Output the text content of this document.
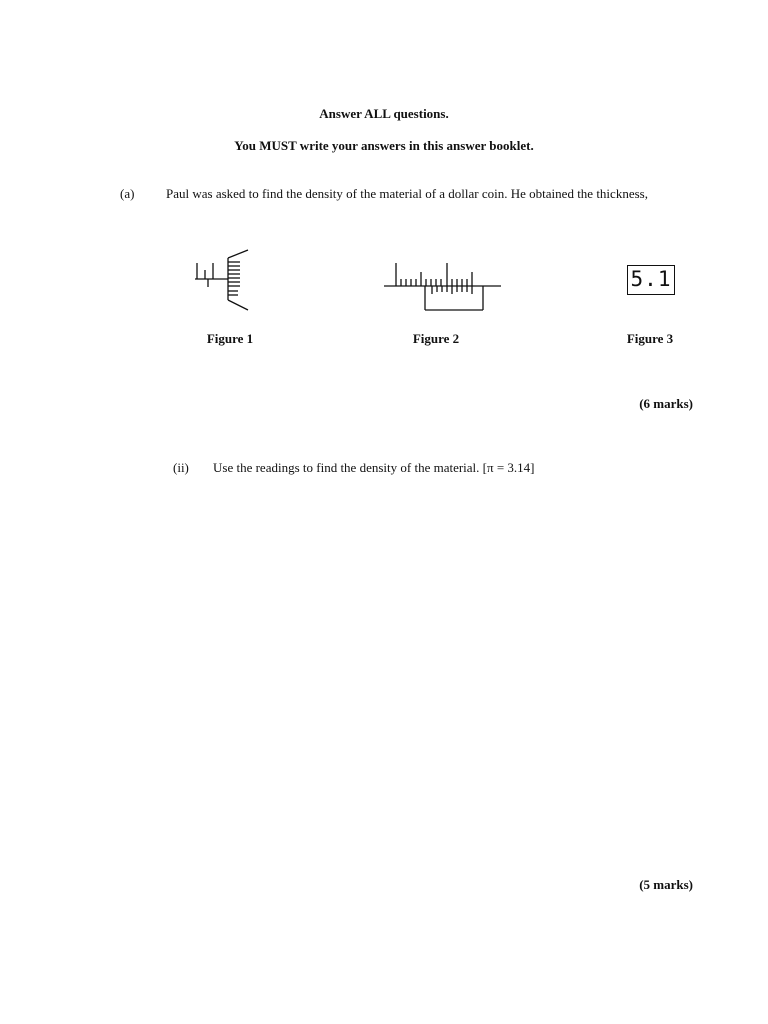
Answer ALL questions.
You MUST write your answers in this answer booklet.
(a) Paul was asked to find the density of the material of a dollar coin. He obtained the thickness,
5.1
Figure 1	Figure 2	Figure 3
(6 marks)
(ii) Use the readings to find the density of the material. [π = 3.14]
(5 marks)
